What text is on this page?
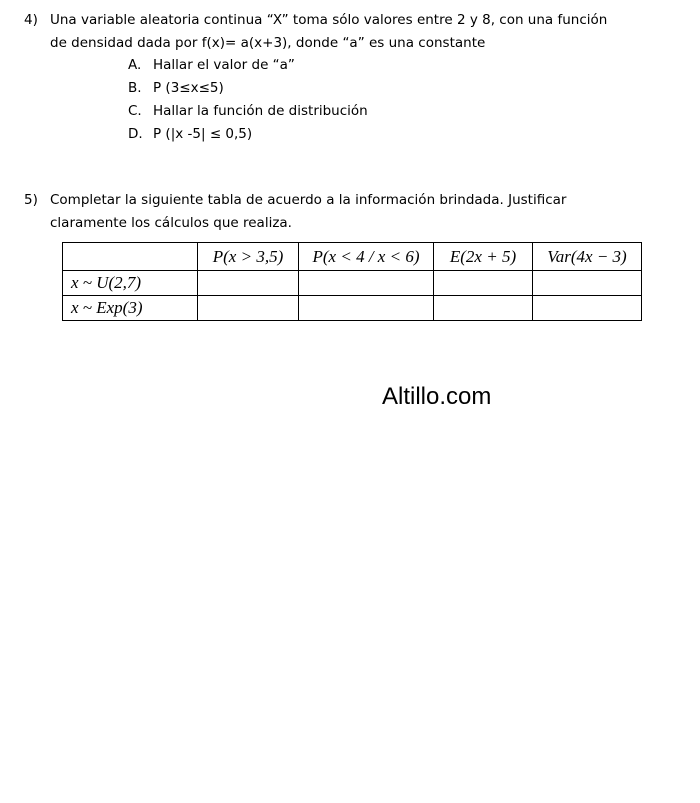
4) Una variable aleatoria continua “X” toma sólo valores entre 2 y 8, con una función
de densidad dada por f(x)= a(x+3), donde “a” es una constante
A. Hallar el valor de “a”
B. P (3≤x≤5)
C. Hallar la función de distribución
D. P (|x -5| ≤ 0,5)
5) Completar la siguiente tabla de acuerdo a la información brindada. Justificar
claramente los cálculos que realiza.
	P(x > 3,5)	P(x < 4 / x < 6)	E(2x + 5)	Var(4x − 3)
x ~ U(2,7)				
x ~ Exp(3)				
Altillo.com
